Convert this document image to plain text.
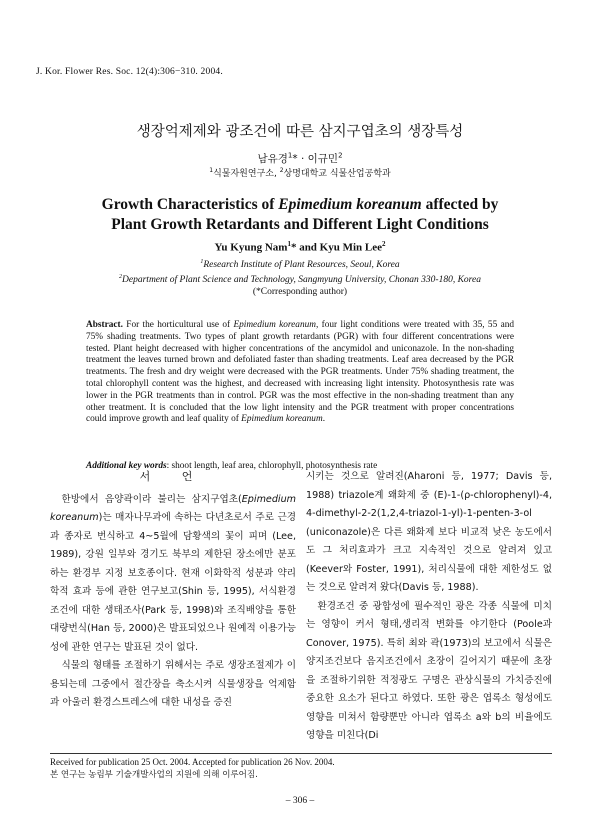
J. Kor. Flower Res. Soc. 12(4):306−310. 2004.
생장억제제와 광조건에 따른 삼지구엽초의 생장특성
남유경$^1$* · 이규민$^2$
$^1$식물자원연구소, $^2$상명대학교 식물산업공학과
Growth Characteristics of Epimedium koreanum affected by
Plant Growth Retardants and Different Light Conditions
Yu Kyung Nam$^1$* and Kyu Min Lee$^2$
$^1$Research Institute of Plant Resources, Seoul, Korea
$^2$Department of Plant Science and Technology, Sangmyung University, Chonan 330-180, Korea
(*Corresponding author)
Abstract. For the horticultural use of Epimedium koreanum, four light conditions were treated with 35, 55 and 75% shading treatments. Two types of plant growth retardants (PGR) with four different concentrations were tested. Plant height decreased with higher concentrations of the ancymidol and uniconazole. In the non-shading treatment the leaves turned brown and defoliated faster than shading treatments. Leaf area decreased by the PGR treatments. The fresh and dry weight were decreased with the PGR treatments. Under 75% shading treatment, the total chlorophyll content was the highest, and decreased with increasing light intensity. Photosynthesis rate was lower in the PGR treatments than in control. PGR was the most effective in the non-shading treatment than any other treatment. It is concluded that the low light intensity and the PGR treatment with proper concentrations could improve growth and leaf quality of Epimedium koreanum.
Additional key words: shoot length, leaf area, chlorophyll, photosynthesis rate
서 언

한방에서 음양곽이라 불리는 삼지구엽초(Epimedium koreanum)는 매자나무과에 속하는 다년초로서 주로 근경과 종자로 번식하고 4~5월에 담황색의 꽃이 피며 (Lee, 1989), 강원 일부와 경기도 북부의 제한된 장소에만 분포하는 환경부 지정 보호종이다. 현재 이화학적 성분과 약리학적 효과 등에 관한 연구보고(Shin 등, 1995), 서식환경조건에 대한 생태조사(Park 등, 1998)와 조직배양을 통한 대량번식(Han 등, 2000)은 발표되었으나 원예적 이용가능성에 관한 연구는 발표된 것이 없다.

식물의 형태를 조절하기 위해서는 주로 생장조절제가 이용되는데 그중에서 절간장을 축소시켜 식물생장을 억제함과 아울러 환경스트레스에 대한 내성을 증진

시키는 것으로 알려진(Aharoni 등, 1977; Davis 등, 1988) triazole계 왜화제 중 (E)-1-(ρ-chlorophenyl)-4, 4-dimethyl-2-2(1,2,4-triazol-1-yl)-1-penten-3-ol (uniconazole)은 다른 왜화제 보다 비교적 낮은 농도에서도 그 처리효과가 크고 지속적인 것으로 알려져 있고(Keever와 Foster, 1991), 처리식물에 대한 제한성도 없는 것으로 알려져 왔다(Davis 등, 1988).

환경조건 중 광합성에 필수적인 광은 각종 식물에 미치는 영향이 커서 형태,생리적 변화를 야기한다 (Poole과 Conover, 1975). 특히 최와 곽(1973)의 보고에서 식물은 양지조건보다 음지조건에서 초장이 길어지기 때문에 초장을 조절하기위한 적정광도 구명은 관상식물의 가치증진에 중요한 요소가 된다고 하였다. 또한 광은 엽록소 형성에도 영향을 미쳐서 함량뿐만 아니라 엽록소 a와 b의 비율에도 영향을 미친다(Di

Received for publication 25 Oct. 2004. Accepted for publication 26 Nov. 2004.
본 연구는 농림부 기술개발사업의 지원에 의해 이루어짐.
– 306 –
